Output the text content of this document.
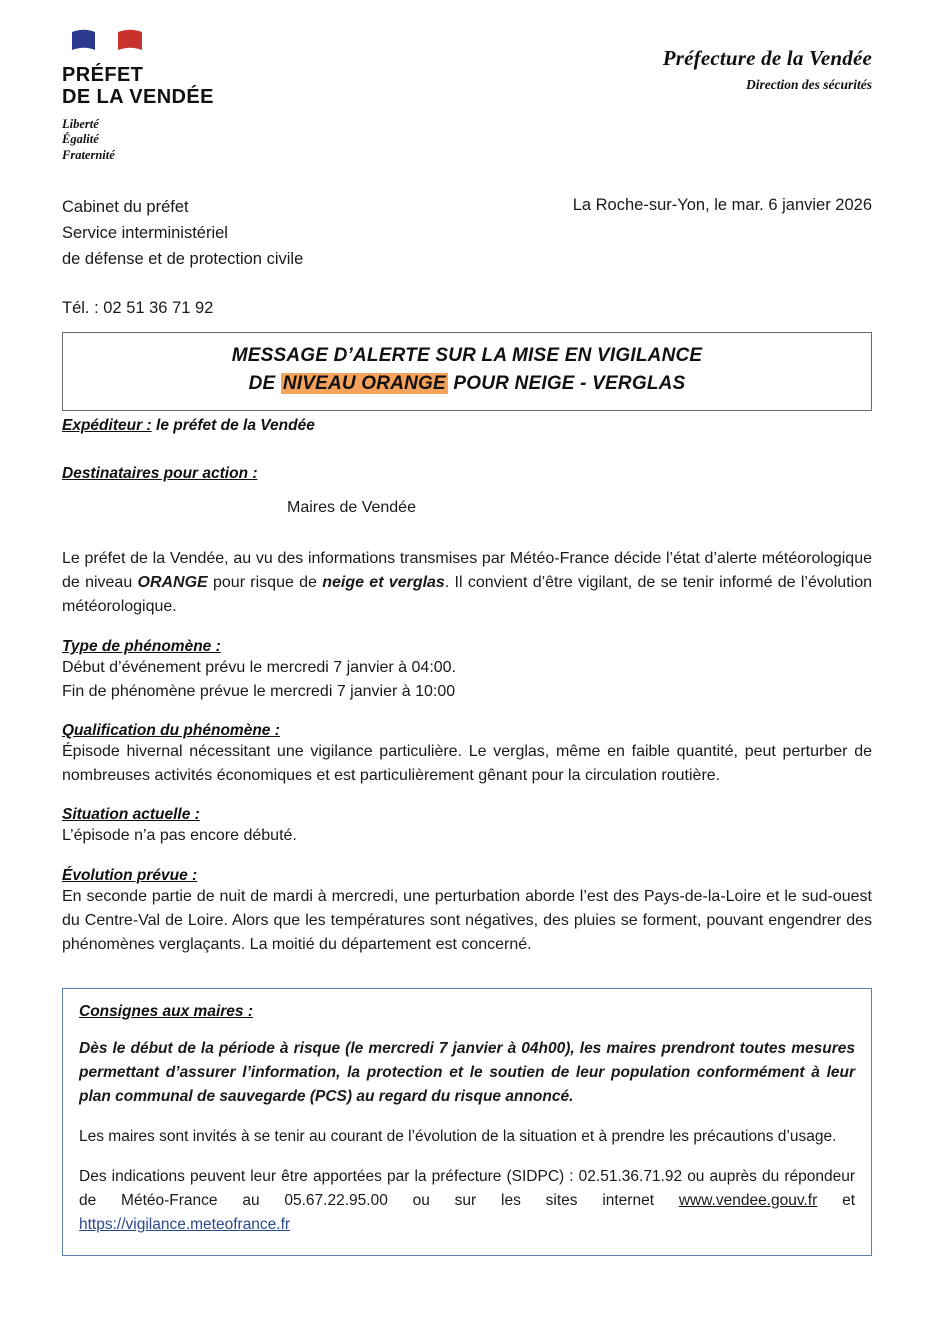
PRÉFET
DE LA VENDÉE
Liberté
Égalité
Fraternité

Préfecture de la Vendée

Direction des sécurités

Cabinet du préfet
Service interministériel
de défense et de protection civile
La Roche-sur-Yon, le mar. 6 janvier 2026
Tél. : 02 51 36 71 92
MESSAGE D’ALERTE SUR LA MISE EN VIGILANCE
DE NIVEAU ORANGE POUR NEIGE - VERGLAS
Expéditeur : le préfet de la Vendée
Destinataires pour action :
Maires de Vendée

Le préfet de la Vendée, au vu des informations transmises par Météo-France décide l’état d’alerte météorologique de niveau ORANGE pour risque de neige et verglas. Il convient d’être vigilant, de se tenir informé de l’évolution météorologique.

Type de phénomène :
Début d’événement prévu le mercredi 7 janvier à 04:00.
Fin de phénomène prévue le mercredi 7 janvier à 10:00
Qualification du phénomène :

Épisode hivernal nécessitant une vigilance particulière. Le verglas, même en faible quantité, peut perturber de nombreuses activités économiques et est particulièrement gênant pour la circulation routière.

Situation actuelle :

L’épisode n’a pas encore débuté.

Évolution prévue :

En seconde partie de nuit de mardi à mercredi, une perturbation aborde l’est des Pays-de-la-Loire et le sud-ouest du Centre-Val de Loire. Alors que les températures sont négatives, des pluies se forment, pouvant engendrer des phénomènes verglaçants. La moitié du département est concerné.

Consignes aux maires :

Dès le début de la période à risque (le mercredi 7 janvier à 04h00), les maires prendront toutes mesures permettant d’assurer l’information, la protection et le soutien de leur population conformément à leur plan communal de sauvegarde (PCS) au regard du risque annoncé.

Les maires sont invités à se tenir au courant de l’évolution de la situation et à prendre les précautions d’usage.

Des indications peuvent leur être apportées par la préfecture (SIDPC) : 02.51.36.71.92 ou auprès du répondeur de Météo-France au 05.67.22.95.00 ou sur les sites internet www.vendee.gouv.fr et https://vigilance.meteofrance.fr
